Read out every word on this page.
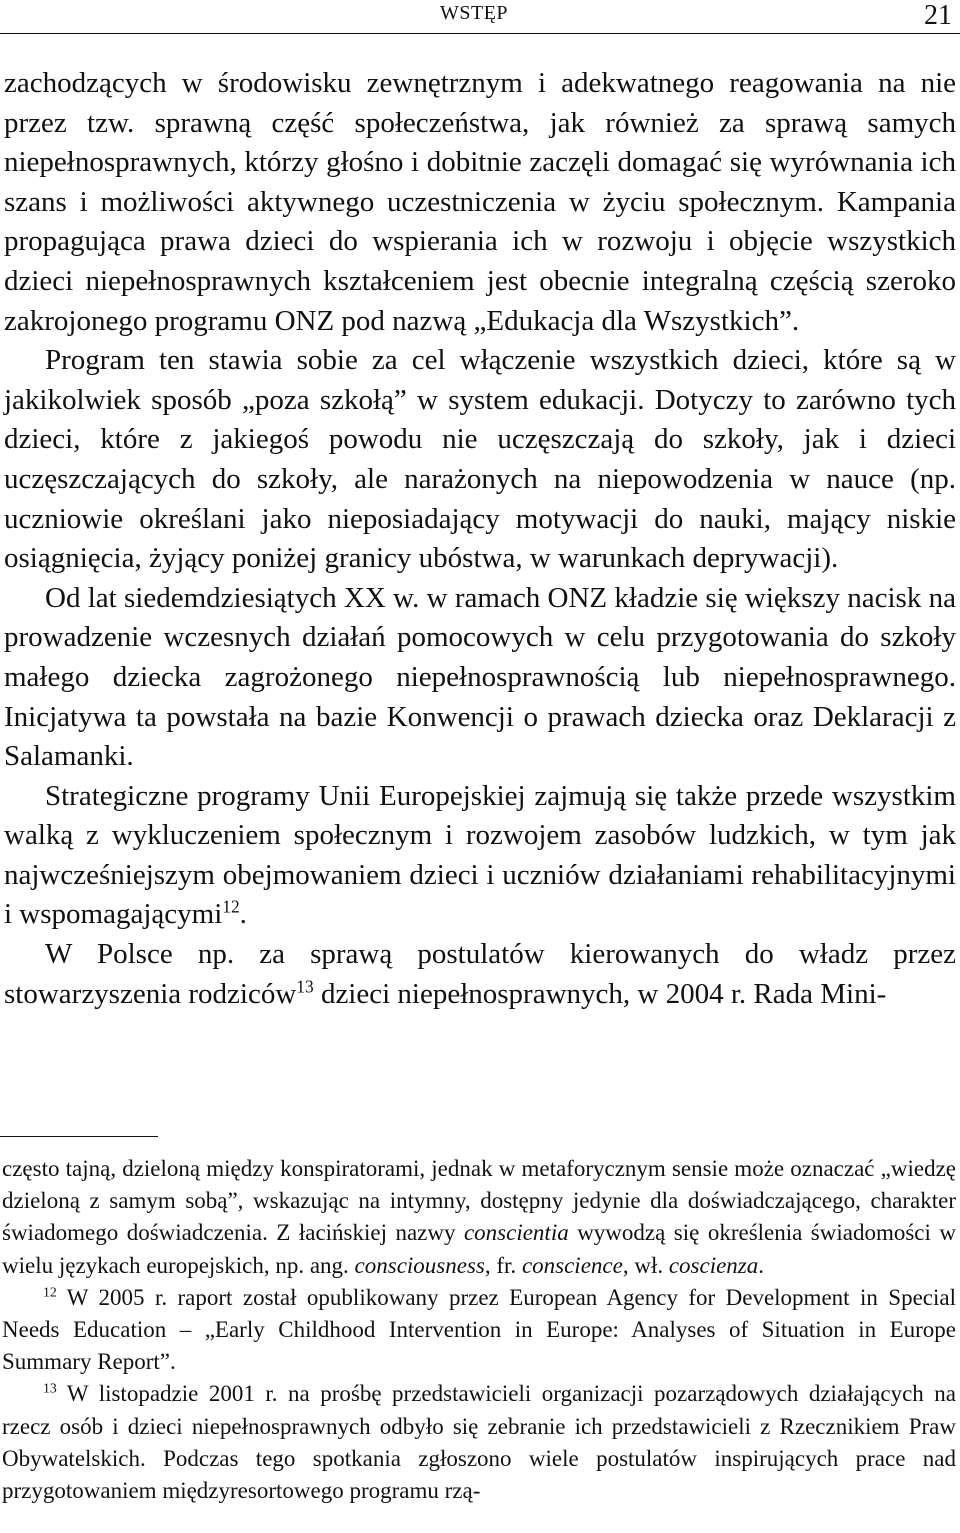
WSTĘP	21

zachodzących w środowisku zewnętrznym i adekwatnego reagowania na nie przez tzw. sprawną część społeczeństwa, jak również za sprawą samych niepełnosprawnych, którzy głośno i dobitnie zaczęli domagać się wyrównania ich szans i możliwości aktywnego uczestniczenia w życiu społecznym. Kampania propagująca prawa dzieci do wspierania ich w rozwoju i objęcie wszystkich dzieci niepełnosprawnych kształceniem jest obecnie integralną częścią szeroko zakrojonego programu ONZ pod nazwą „Edukacja dla Wszystkich”.

Program ten stawia sobie za cel włączenie wszystkich dzieci, które są w jakikolwiek sposób „poza szkołą” w system edukacji. Dotyczy to zarówno tych dzieci, które z jakiegoś powodu nie uczęszczają do szkoły, jak i dzieci uczęszczających do szkoły, ale narażonych na niepowodzenia w nauce (np. uczniowie określani jako nieposiadający motywacji do nauki, mający niskie osiągnięcia, żyjący poniżej granicy ubóstwa, w warunkach deprywacji).

Od lat siedemdziesiątych XX w. w ramach ONZ kładzie się większy nacisk na prowadzenie wczesnych działań pomocowych w celu przygotowania do szkoły małego dziecka zagrożonego niepełnosprawnością lub niepełnosprawnego. Inicjatywa ta powstała na bazie Konwencji o prawach dziecka oraz Deklaracji z Salamanki.

Strategiczne programy Unii Europejskiej zajmują się także przede wszystkim walką z wykluczeniem społecznym i rozwojem zasobów ludzkich, w tym jak najwcześniejszym obejmowaniem dzieci i uczniów działaniami rehabilitacyjnymi i wspomagającymi$^{12}$.

W Polsce np. za sprawą postulatów kierowanych do władz przez stowarzyszenia rodziców$^{13}$ dzieci niepełnosprawnych, w 2004 r. Rada Mini-

często tajną, dzieloną między konspiratorami, jednak w metaforycznym sensie może oznaczać „wiedzę dzieloną z samym sobą”, wskazując na intymny, dostępny jedynie dla doświadczającego, charakter świadomego doświadczenia. Z łacińskiej nazwy conscientia wywodzą się określenia świadomości w wielu językach europejskich, np. ang. consciousness, fr. conscience, wł. coscienza.

$^{12}$ W 2005 r. raport został opublikowany przez European Agency for Development in Special Needs Education – „Early Childhood Intervention in Europe: Analyses of Situation in Europe Summary Report”.

$^{13}$ W listopadzie 2001 r. na prośbę przedstawicieli organizacji pozarządowych działających na rzecz osób i dzieci niepełnosprawnych odbyło się zebranie ich przedstawicieli z Rzecznikiem Praw Obywatelskich. Podczas tego spotkania zgłoszono wiele postulatów inspirujących prace nad przygotowaniem międzyresortowego programu rzą-
